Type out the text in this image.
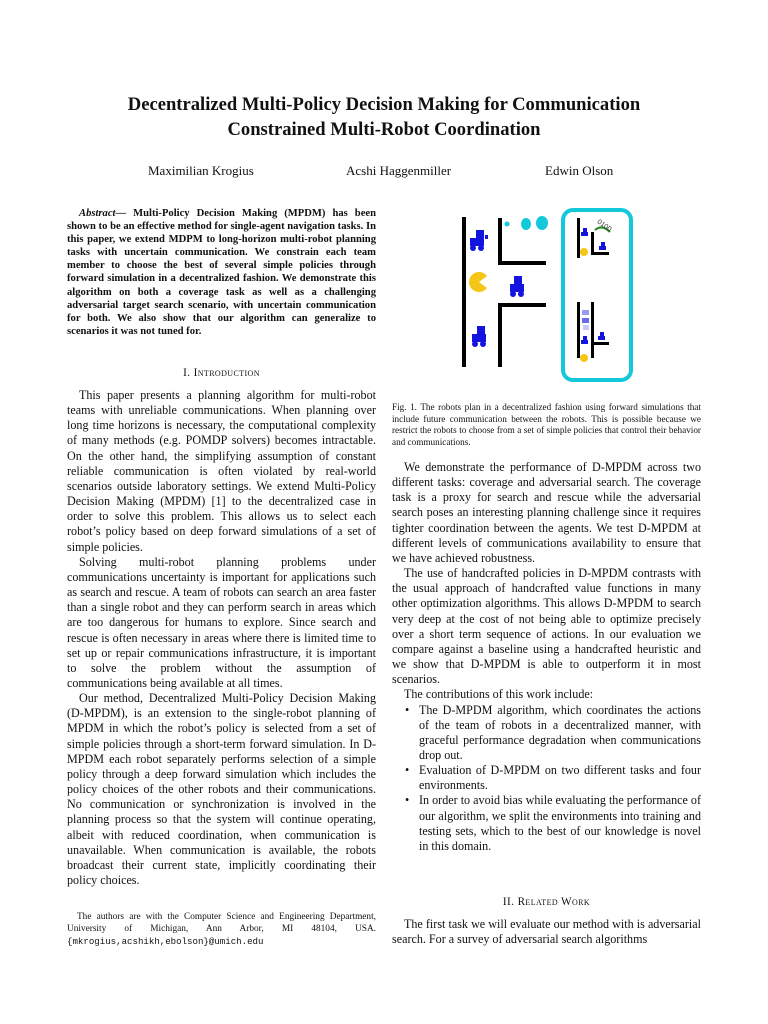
Decentralized Multi-Policy Decision Making for Communication
Constrained Multi-Robot Coordination
Maximilian Krogius	Acshi Haggenmiller	Edwin Olson

Abstract— Multi-Policy Decision Making (MPDM) has been shown to be an effective method for single-agent navigation tasks. In this paper, we extend MDPM to long-horizon multi-robot planning tasks with uncertain communication. We constrain each team member to choose the best of several simple policies through forward simulation in a decentralized fashion. We demonstrate this algorithm on both a coverage task as well as a challenging adversarial target search scenario, with uncertain communication for both. We also show that our algorithm can generalize to scenarios it was not tuned for.

I. Introduction

This paper presents a planning algorithm for multi-robot teams with unreliable communications. When planning over long time horizons is necessary, the computational complexity of many methods (e.g. POMDP solvers) becomes intractable. On the other hand, the simplifying assumption of constant reliable communication is often violated by real-world scenarios outside laboratory settings. We extend Multi-Policy Decision Making (MPDM) [1] to the decentralized case in order to solve this problem. This allows us to select each robot’s policy based on deep forward simulations of a set of simple policies.

Solving multi-robot planning problems under communications uncertainty is important for applications such as search and rescue. A team of robots can search an area faster than a single robot and they can perform search in areas which are too dangerous for humans to explore. Since search and rescue is often necessary in areas where there is limited time to set up or repair communications infrastructure, it is important to solve the problem without the assumption of communications being available at all times.

Our method, Decentralized Multi-Policy Decision Making (D-MPDM), is an extension to the single-robot planning of MPDM in which the robot’s policy is selected from a set of simple policies through a short-term forward simulation. In D-MPDM each robot separately performs selection of a simple policy through a deep forward simulation which includes the policy choices of the other robots and their communications. No communication or synchronization is involved in the planning process so that the system will continue operating, albeit with reduced coordination, when communication is unavailable. When communication is available, the robots broadcast their current state, implicitly coordinating their policy choices.

The authors are with the Computer Science and Engineering Department, University of Michigan, Ann Arbor, MI 48104, USA. {mkrogius,acshikh,ebolson}@umich.edu
0100

Fig. 1. The robots plan in a decentralized fashion using forward simulations that include future communication between the robots. This is possible because we restrict the robots to choose from a set of simple policies that control their behavior and communications.

We demonstrate the performance of D-MPDM across two different tasks: coverage and adversarial search. The coverage task is a proxy for search and rescue while the adversarial search poses an interesting planning challenge since it requires tighter coordination between the agents. We test D-MPDM at different levels of communications availability to ensure that we have achieved robustness.

The use of handcrafted policies in D-MPDM contrasts with the usual approach of handcrafted value functions in many other optimization algorithms. This allows D-MPDM to search very deep at the cost of not being able to optimize precisely over a short term sequence of actions. In our evaluation we compare against a baseline using a handcrafted heuristic and we show that D-MPDM is able to outperform it in most scenarios.

The contributions of this work include:

• The D-MPDM algorithm, which coordinates the actions of the team of robots in a decentralized manner, with graceful performance degradation when communications drop out.
• Evaluation of D-MPDM on two different tasks and four environments.
• In order to avoid bias while evaluating the performance of our algorithm, we split the environments into training and testing sets, which to the best of our knowledge is novel in this domain.
II. Related Work

The first task we will evaluate our method with is adversarial search. For a survey of adversarial search algorithms
